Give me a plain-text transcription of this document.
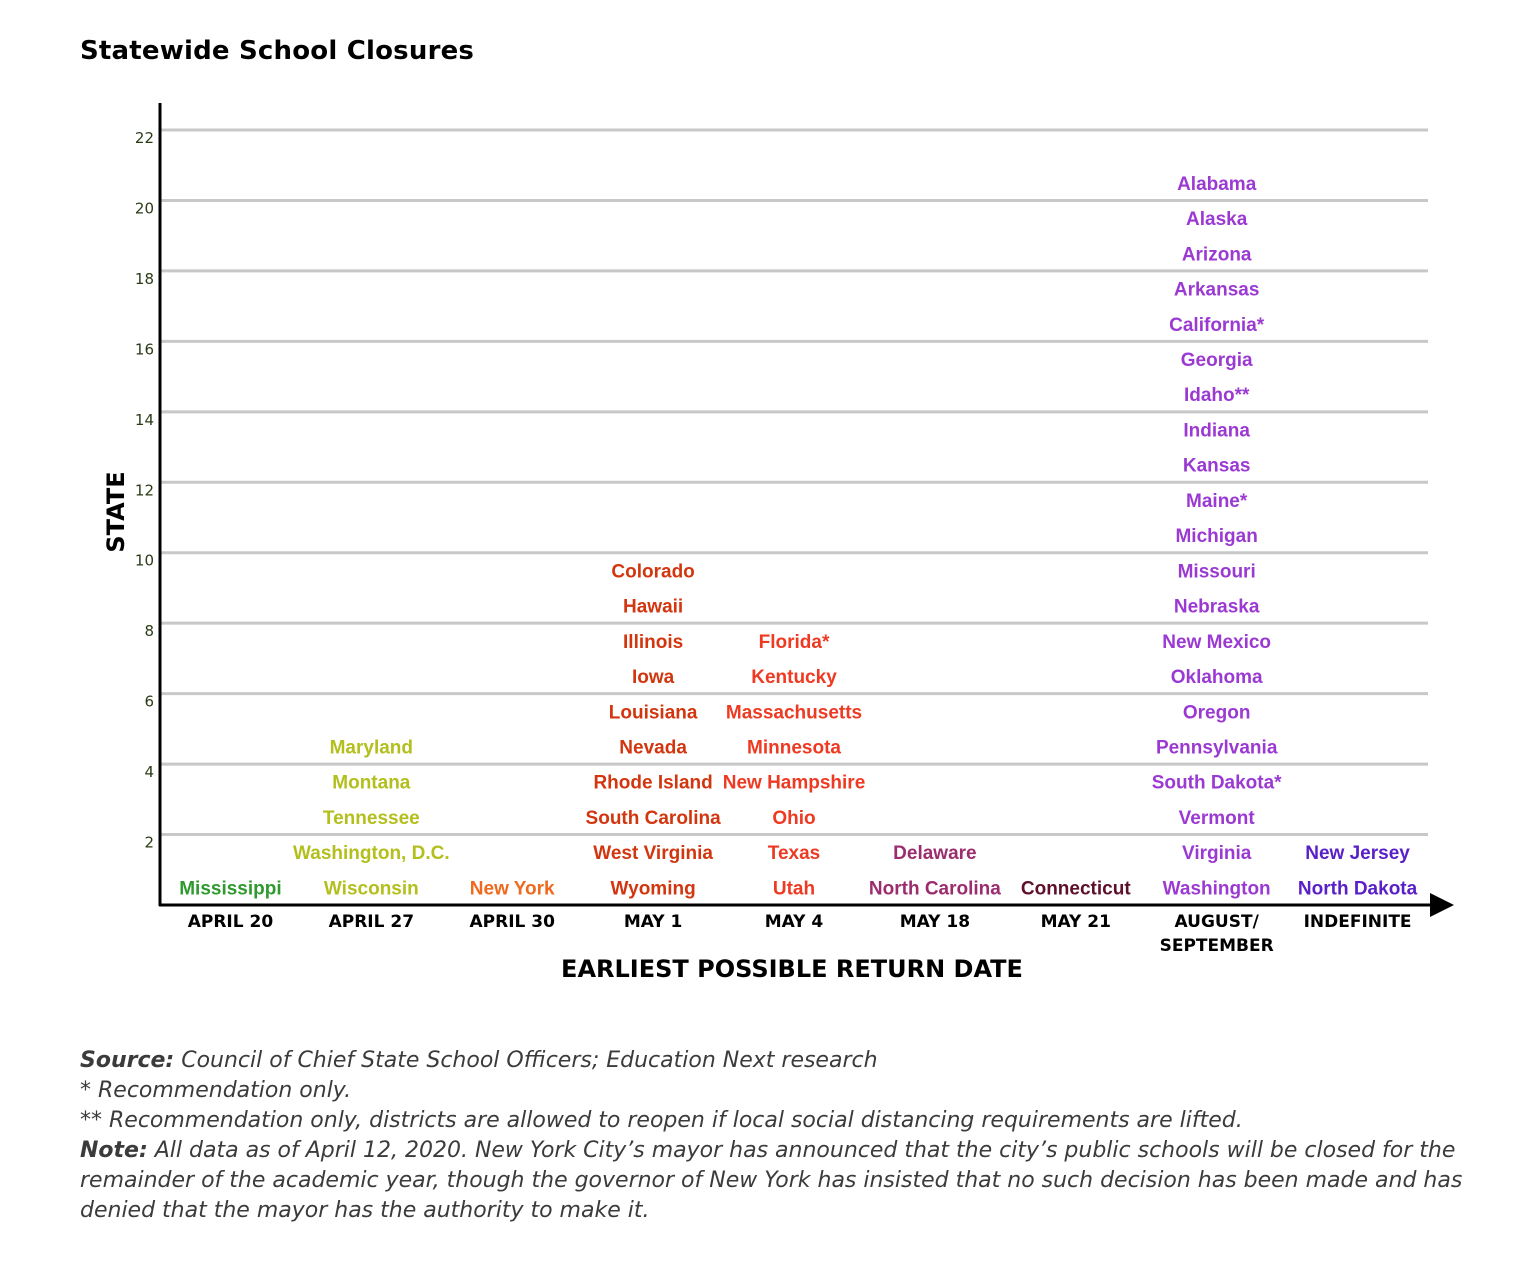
Statewide School Closures
2
4
6
8
10
12
14
16
18
20
22
APRIL 20	APRIL 27	APRIL 30	MAY 1	MAY 4	MAY 18	MAY 21	AUGUST/
SEPTEMBER
INDEFINITE
Mississippi
Maryland
Montana
Tennessee
Washington, D.C.
Wisconsin	New York
Colorado
Hawaii
Illinois
Iowa
Louisiana
Nevada
Rhode Island
South Carolina
West Virginia
Wyoming
Florida*
Kentucky
Massachusetts
Minnesota
New Hampshire
Ohio
Texas
Utah
Delaware
North Carolina Connecticut
Alabama
Alaska
Arizona
Arkansas
California*
Georgia
Idaho**
Indiana
Kansas
Maine*
Michigan
Missouri
Nebraska
New Mexico
Oklahoma
Oregon
Pennsylvania
South Dakota*
Vermont
Virginia
Washington
New Jersey
North Dakota
EARLIEST POSSIBLE RETURN DATE
STATE
Source: Council of Chief State School Officers; Education Next research
* Recommendation only.
** Recommendation only, districts are allowed to reopen if local social distancing requirements are lifted.
Note: All data as of April 12, 2020. New York City’s mayor has announced that the city’s public schools will be closed for the remainder of the academic year, though the governor of New York has insisted that no such decision has been made and has denied that the mayor has the authority to make it.
